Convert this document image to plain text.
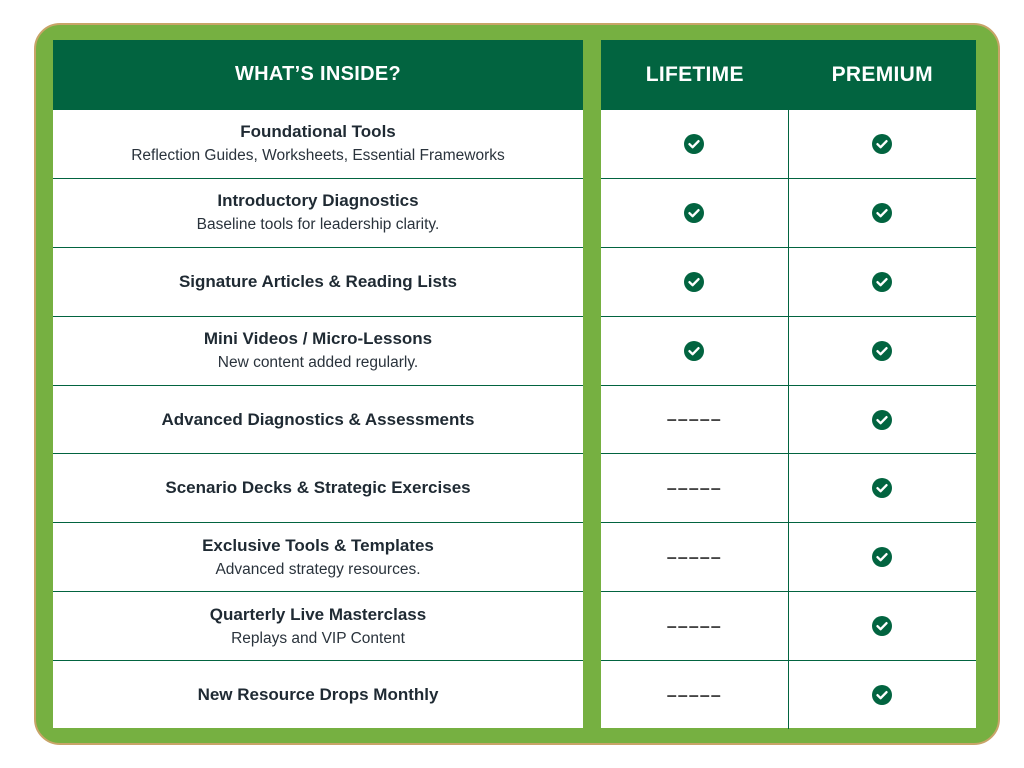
WHAT’S INSIDE?
Foundational Tools
Reflection Guides, Worksheets, Essential Frameworks
Introductory Diagnostics
Baseline tools for leadership clarity.
Signature Articles & Reading Lists
Mini Videos / Micro-Lessons
New content added regularly.
Advanced Diagnostics & Assessments
Scenario Decks & Strategic Exercises
Exclusive Tools & Templates
Advanced strategy resources.
Quarterly Live Masterclass
Replays and VIP Content
New Resource Drops Monthly
LIFETIME	PREMIUM
–––––
–––––
–––––
–––––
–––––
